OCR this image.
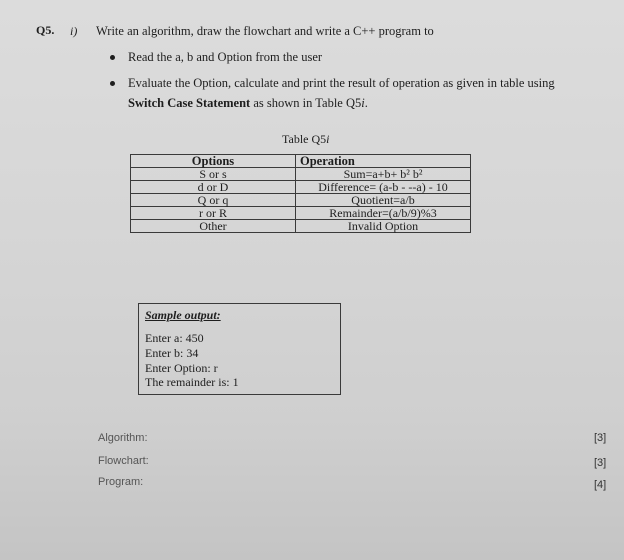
Q5. i) Write an algorithm, draw the flowchart and write a C++ program to
Read the a, b and Option from the user
Evaluate the Option, calculate and print the result of operation as given in table using
Switch Case Statement as shown in Table Q5i.
Table Q5i
Options	Operation
S or s	Sum=a+b+ b² b²
d or D	Difference= (a-b - --a) - 10
Q or q	Quotient=a/b
r or R	Remainder=(a/b/9)%3
Other	Invalid Option
Sample output:
Enter a: 450
Enter b: 34
Enter Option: r
The remainder is: 1
Algorithm:	[3]
Flowchart:	[3]
Program:	[4]
